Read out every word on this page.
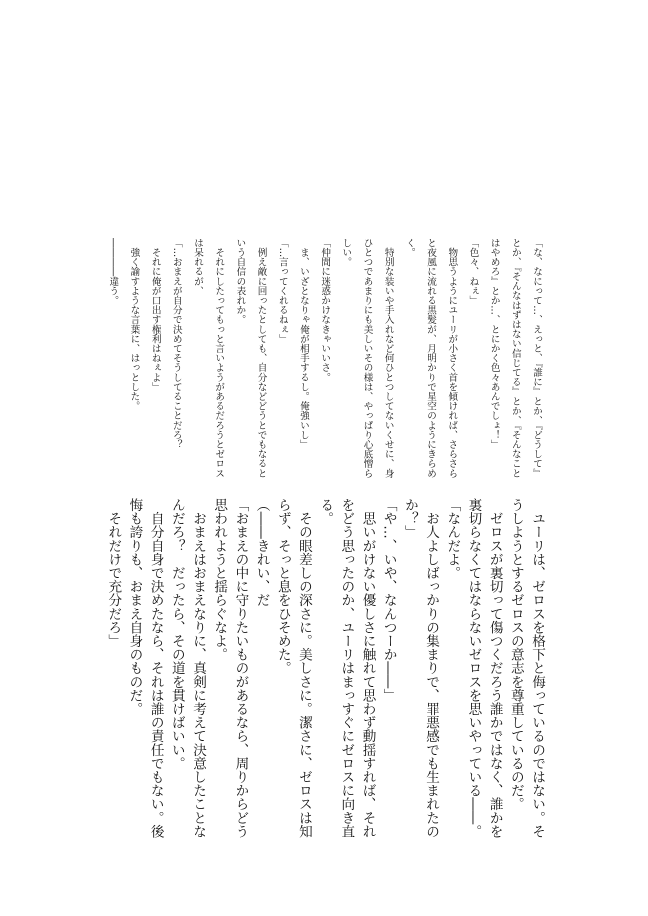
「な、なにって…、えっと、『誰に』とか、『どうして』
とか、『そんなはずはない信じてる』とか、『そんなこと
はやめろ』とか…、とにかく色々あんでしょ！」
「色々、ねぇ」
　物思うようにユーリが小さく首を傾ければ、さらさら
と夜風に流れる黒髪が、月明かりで星空のようにきらめ
く。
　特別な装いや手入れなど何ひとつしてないくせに、身
ひとつであまりにも美しいその様は、やっぱり心底憎ら
しい。
「仲間に迷惑かけなきゃいいさ。
　ま、いざとなりゃ俺が相手するし。俺強いし」
「…言ってくれるねぇ」
　例え敵に回ったとしても、自分などどうとでもなると
いう自信の表れか。
　それにしたってもっと言いようがあるだろうとゼロス
は呆れるが、
「…おまえが自分で決めてそうしてることだろ？
　それに俺が口出す権利はねぇよ」
　強く諭すような言葉に、はっとした。
――――違う。
　ユーリは、ゼロスを格下と侮っているのではない。そ
うしようとするゼロスの意志を尊重しているのだ。
　ゼロスが裏切って傷つくだろう誰かではなく、誰かを
裏切らなくてはならないゼロスを思いやっている――。
「なんだよ。
　お人よしばっかりの集まりで、罪悪感でも生まれたの
か？」
「や…、いや、なんつーか――」
　思いがけない優しさに触れて思わず動揺すれば、それ
をどう思ったのか、ユーリはまっすぐにゼロスに向き直
る。
　その眼差しの深さに。美しさに。潔さに、ゼロスは知
らず、そっと息をひそめた。
（――きれい、だ
「おまえの中に守りたいものがあるなら、周りからどう
思われようと揺らぐなよ。
　おまえはおまえなりに、真剣に考えて決意したことな
んだろ？　だったら、その道を貫けばいい。
　自分自身で決めたなら、それは誰の責任でもない。後
悔も誇りも、おまえ自身のものだ。
　それだけで充分だろ」
